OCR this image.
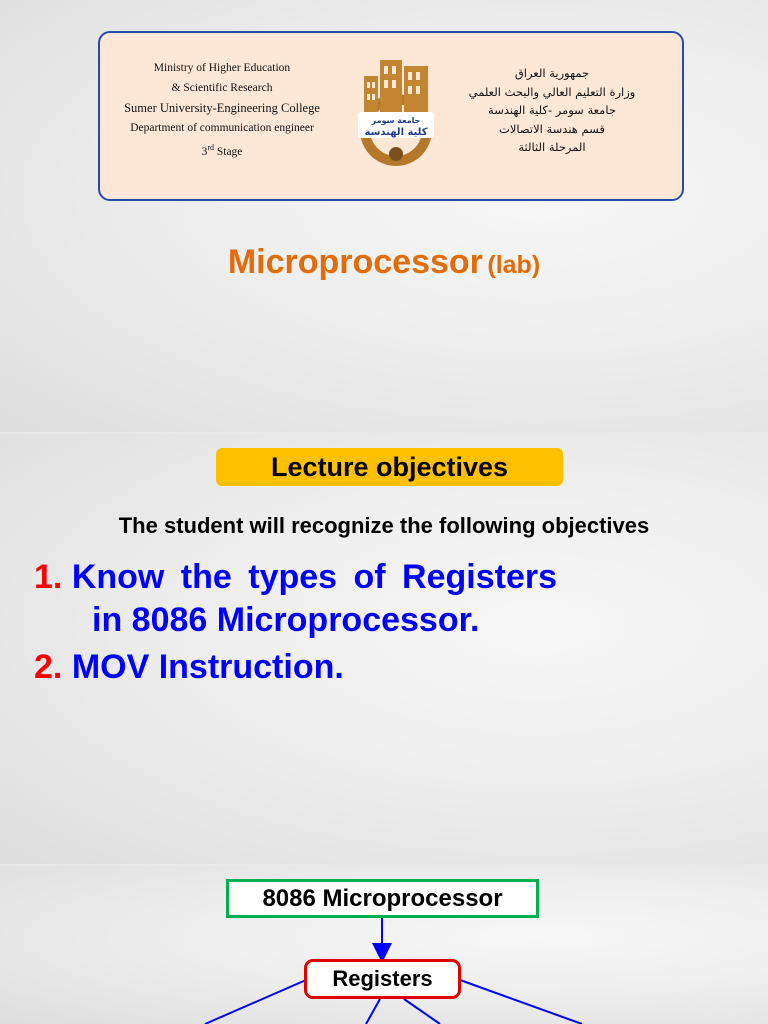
Ministry of Higher Education
& Scientific Research
Sumer University-Engineering College
Department of communication engineer
3rd Stage
جامعة سومر
كلية الهندسة
جمهورية العراق
وزارة التعليم العالي والبحث العلمي
جامعة سومر -كلية الهندسة
قسم هندسة الاتصالات
المرحلة الثالثة
Microprocessor (lab)
Lecture objectives
The student will recognize the following objectives
1. Know the types of Registers
in 8086 Microprocessor.
2. MOV Instruction.
8086 Microprocessor
Registers
